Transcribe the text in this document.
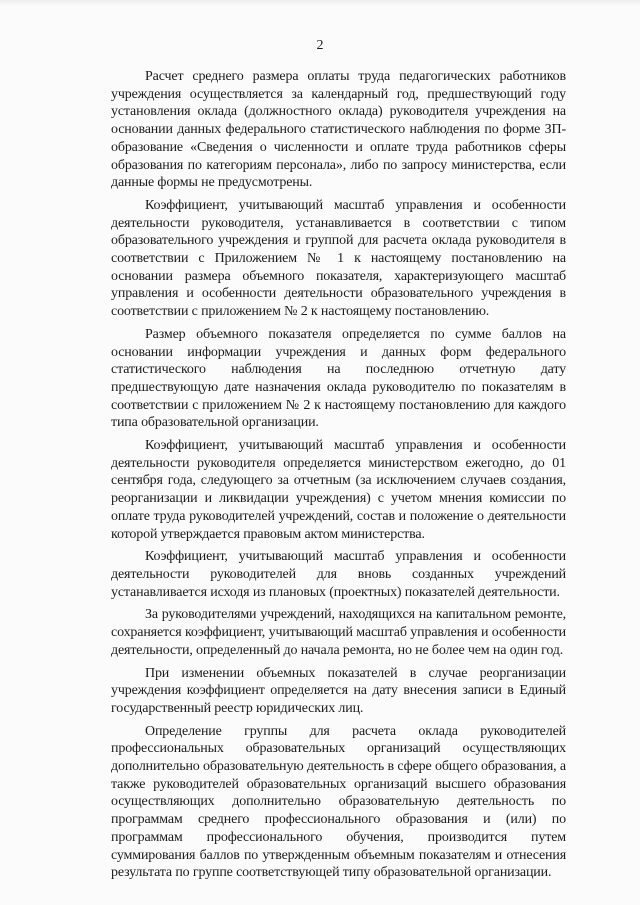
2

Расчет среднего размера оплаты труда педагогических работников учреждения осуществляется за календарный год, предшествующий году установления оклада (должностного оклада) руководителя учреждения на основании данных федерального статистического наблюдения по форме ЗП-образование «Сведения о численности и оплате труда работников сферы образования по категориям персонала», либо по запросу министерства, если данные формы не предусмотрены.

Коэффициент, учитывающий масштаб управления и особенности деятельности руководителя, устанавливается в соответствии с типом образовательного учреждения и группой для расчета оклада руководителя в соответствии с Приложением № 1 к настоящему постановлению на основании размера объемного показателя, характеризующего масштаб управления и особенности деятельности образовательного учреждения в соответствии с приложением № 2 к настоящему постановлению.

Размер объемного показателя определяется по сумме баллов на основании информации учреждения и данных форм федерального статистического наблюдения на последнюю отчетную дату предшествующую дате назначения оклада руководителю по показателям в соответствии с приложением № 2 к настоящему постановлению для каждого типа образовательной организации.

Коэффициент, учитывающий масштаб управления и особенности деятельности руководителя определяется министерством ежегодно, до 01 сентября года, следующего за отчетным (за исключением случаев создания, реорганизации и ликвидации учреждения) с учетом мнения комиссии по оплате труда руководителей учреждений, состав и положение о деятельности которой утверждается правовым актом министерства.

Коэффициент, учитывающий масштаб управления и особенности деятельности руководителей для вновь созданных учреждений устанавливается исходя из плановых (проектных) показателей деятельности.

За руководителями учреждений, находящихся на капитальном ремонте, сохраняется коэффициент, учитывающий масштаб управления и особенности деятельности, определенный до начала ремонта, но не более чем на один год.

При изменении объемных показателей в случае реорганизации учреждения коэффициент определяется на дату внесения записи в Единый государственный реестр юридических лиц.

Определение группы для расчета оклада руководителей профессиональных образовательных организаций осуществляющих дополнительно образовательную деятельность в сфере общего образования, а также руководителей образовательных организаций высшего образования осуществляющих дополнительно образовательную деятельность по программам среднего профессионального образования и (или) по программам профессионального обучения, производится путем суммирования баллов по утвержденным объемным показателям и отнесения результата по группе соответствующей типу образовательной организации.
